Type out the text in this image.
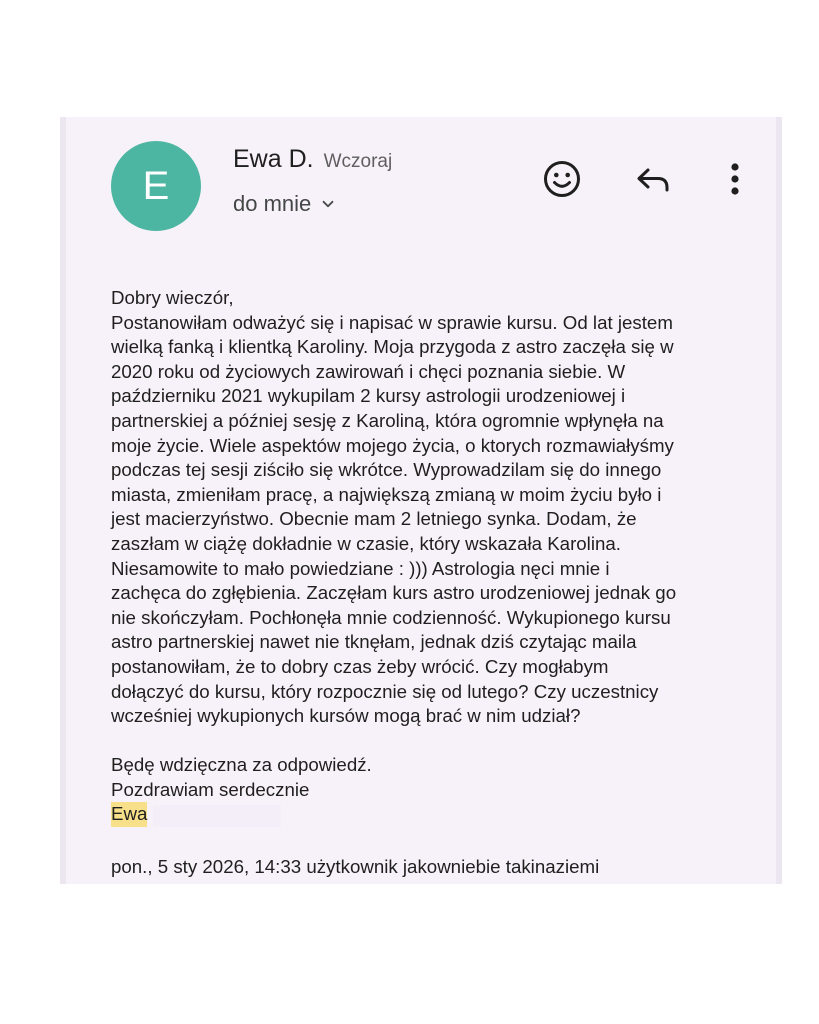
E
Ewa D. Wczoraj
do mnie
Dobry wieczór,
Postanowiłam odważyć się i napisać w sprawie kursu. Od lat jestem
wielką fanką i klientką Karoliny. Moja przygoda z astro zaczęła się w
2020 roku od życiowych zawirowań i chęci poznania siebie. W
październiku 2021 wykupilam 2 kursy astrologii urodzeniowej i
partnerskiej a później sesję z Karoliną, która ogromnie wpłynęła na
moje życie. Wiele aspektów mojego życia, o ktorych rozmawiałyśmy
podczas tej sesji ziściło się wkrótce. Wyprowadzilam się do innego
miasta, zmieniłam pracę, a największą zmianą w moim życiu było i
jest macierzyństwo. Obecnie mam 2 letniego synka. Dodam, że
zaszłam w ciążę dokładnie w czasie, który wskazała Karolina.
Niesamowite to mało powiedziane : ))) Astrologia nęci mnie i
zachęca do zgłębienia. Zaczęłam kurs astro urodzeniowej jednak go
nie skończyłam. Pochłonęła mnie codzienność. Wykupionego kursu
astro partnerskiej nawet nie tknęłam, jednak dziś czytając maila
postanowiłam, że to dobry czas żeby wrócić. Czy mogłabym
dołączyć do kursu, który rozpocznie się od lutego? Czy uczestnicy
wcześniej wykupionych kursów mogą brać w nim udział?
Będę wdzięczna za odpowiedź.
Pozdrawiam serdecznie
Ewa
pon., 5 sty 2026, 14:33 użytkownik jakowniebie takinaziemi
